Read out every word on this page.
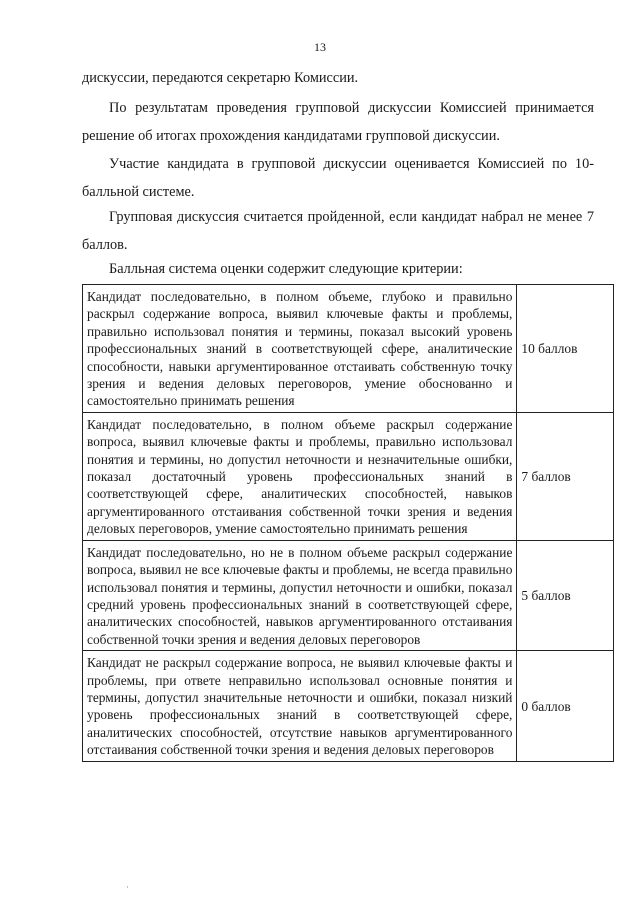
13
дискуссии, передаются секретарю Комиссии.
По результатам проведения групповой дискуссии Комиссией принимается решение об итогах прохождения кандидатами групповой дискуссии.
Участие кандидата в групповой дискуссии оценивается Комиссией по 10-балльной системе.
Групповая дискуссия считается пройденной, если кандидат набрал не менее 7 баллов.
Балльная система оценки содержит следующие критерии:
Кандидат последовательно, в полном объеме, глубоко и правильно раскрыл содержание вопроса, выявил ключевые факты и проблемы, правильно использовал понятия и термины, показал высокий уровень профессиональных знаний в соответствующей сфере, аналитические способности, навыки аргументированное отстаивать собственную точку зрения и ведения деловых переговоров, умение обоснованно и самостоятельно принимать решения	10 баллов
Кандидат последовательно, в полном объеме раскрыл содержание вопроса, выявил ключевые факты и проблемы, правильно использовал понятия и термины, но допустил неточности и незначительные ошибки, показал достаточный уровень профессиональных знаний в соответствующей сфере, аналитических способностей, навыков аргументированного отстаивания собственной точки зрения и ведения деловых переговоров, умение самостоятельно принимать решения	7 баллов
Кандидат последовательно, но не в полном объеме раскрыл содержание вопроса, выявил не все ключевые факты и проблемы, не всегда правильно использовал понятия и термины, допустил неточности и ошибки, показал средний уровень профессиональных знаний в соответствующей сфере, аналитических способностей, навыков аргументированного отстаивания собственной точки зрения и ведения деловых переговоров	5 баллов
Кандидат не раскрыл содержание вопроса, не выявил ключевые факты и проблемы, при ответе неправильно использовал основные понятия и термины, допустил значительные неточности и ошибки, показал низкий уровень профессиональных знаний в соответствующей сфере, аналитических способностей, отсутствие навыков аргументированного отстаивания собственной точки зрения и ведения деловых переговоров	0 баллов
·
